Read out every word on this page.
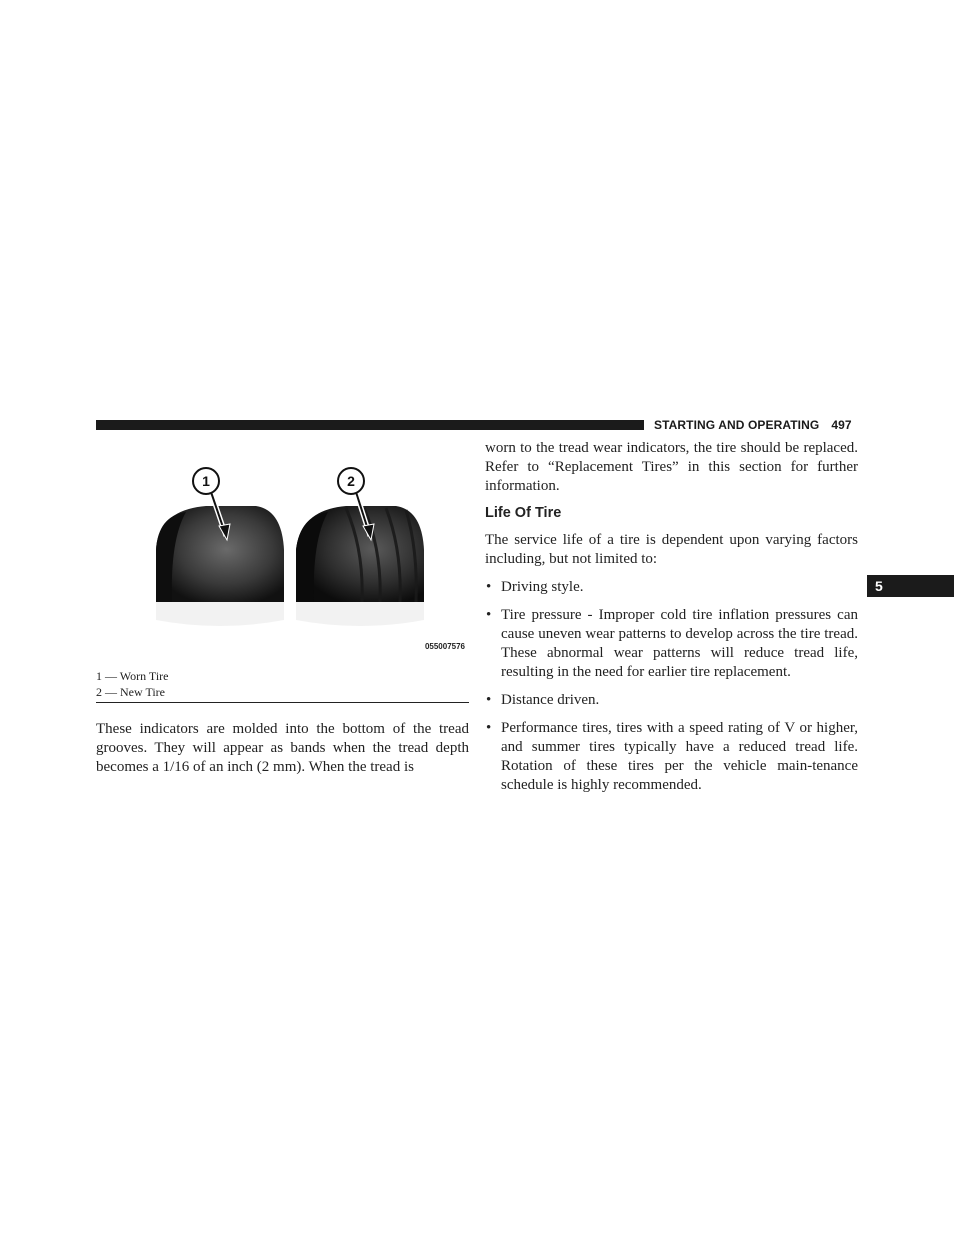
STARTING AND OPERATING 497
1	2
055007576
1 — Worn Tire
2 — New Tire
These indicators are molded into the bottom of the tread grooves. They will appear as bands when the tread depth becomes a 1/16 of an inch (2 mm). When the tread is
worn to the tread wear indicators, the tire should be replaced. Refer to “Replacement Tires” in this section for further information.
Life Of Tire
The service life of a tire is dependent upon varying factors including, but not limited to:
• Driving style.
• Tire pressure - Improper cold tire inflation pressures can cause uneven wear patterns to develop across the tire tread. These abnormal wear patterns will reduce tread life, resulting in the need for earlier tire replacement.
• Distance driven.
• Performance tires, tires with a speed rating of V or higher, and summer tires typically have a reduced tread life. Rotation of these tires per the vehicle main-tenance schedule is highly recommended.
5
